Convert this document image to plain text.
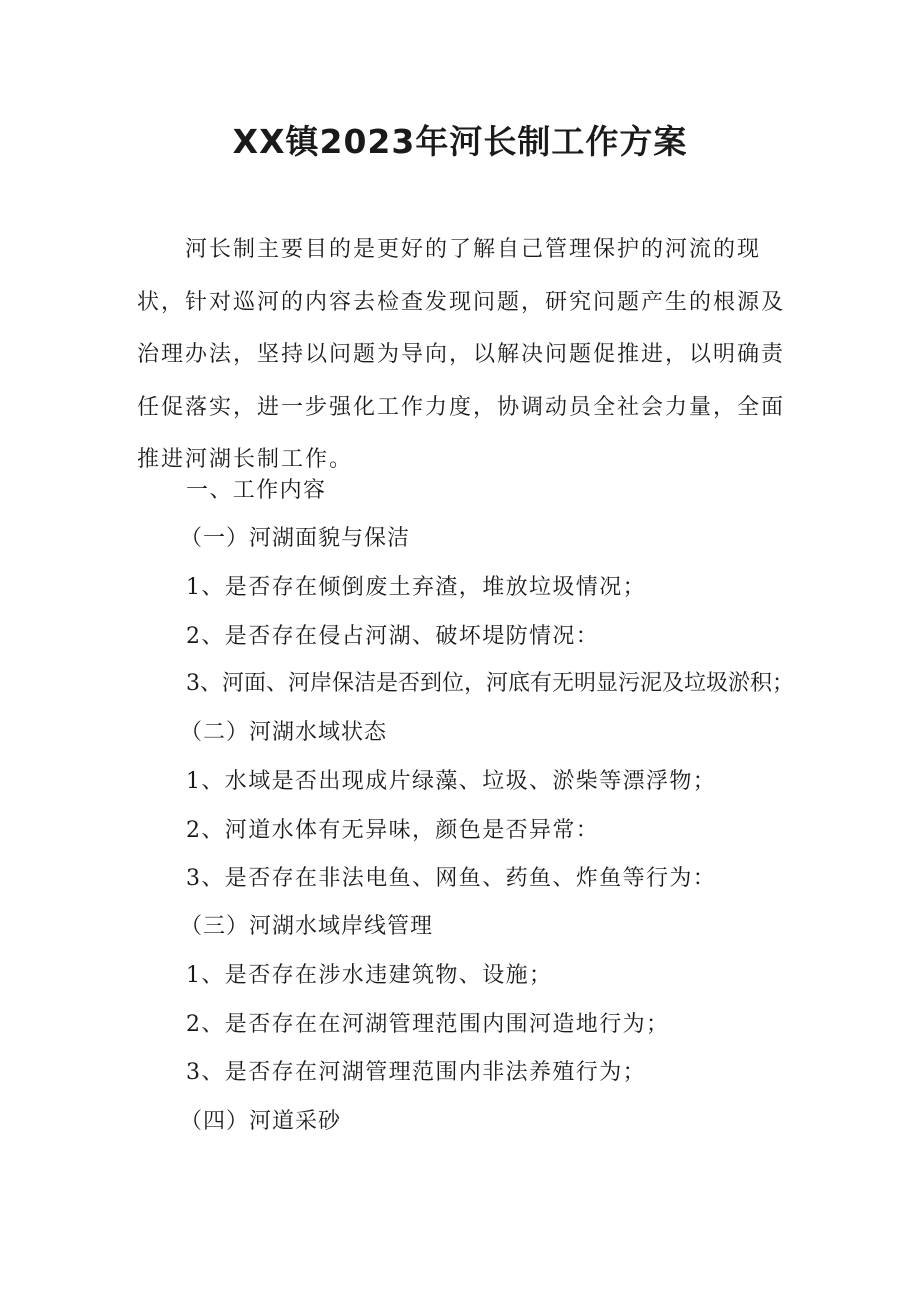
XX镇2023年河长制工作方案

河长制主要目的是更好的了解自己管理保护的河流的现状，针对巡河的内容去检查发现问题，研究问题产生的根源及治理办法，坚持以问题为导向，以解决问题促推进，以明确责任促落实，进一步强化工作力度，协调动员全社会力量，全面推进河湖长制工作。

一、工作内容

（一）河湖面貌与保洁

1、是否存在倾倒废土弃渣，堆放垃圾情况；

2、是否存在侵占河湖、破坏堤防情况：

3、河面、河岸保洁是否到位，河底有无明显污泥及垃圾淤积；

（二）河湖水域状态

1、水域是否出现成片绿藻、垃圾、淤柴等漂浮物；

2、河道水体有无异味，颜色是否异常：

3、是否存在非法电鱼、网鱼、药鱼、炸鱼等行为：

（三）河湖水域岸线管理

1、是否存在涉水违建筑物、设施；

2、是否存在在河湖管理范围内围河造地行为；

3、是否存在河湖管理范围内非法养殖行为；

（四）河道采砂
